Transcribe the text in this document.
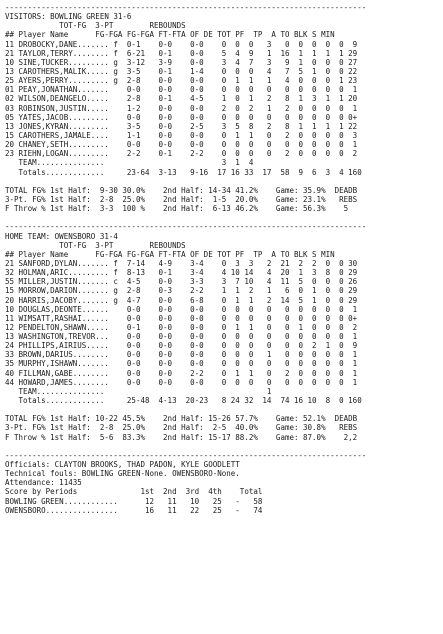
--------------------------------------------------------------------------------
VISITORS: BOWLING GREEN 31-6
TOT-FG  3-PT        REBOUNDS
## Player Name      FG-FGA FG-FGA FT-FTA OF DE TOT PF  TP  A TO BLK S MIN
11 DROBOCKY,DANE....... f  0-1    0-0    0-0    0  0  0   3   0  0  0  0  0  9
21 TAYLOR,TERRY........ f  6-21   0-1    0-0    5  4  9   1  16  1  1  1  1 29
10 SINE,TUCKER......... g  3-12   3-9    0-0    3  4  7   3   9  1  0  0  0 27
13 CAROTHERS,MALIK..... g  3-5    0-1    1-4    0  0  0   4   7  5  1  0  0 22
25 AYERS,PERRY......... g  2-8    0-0    0-0    0  1  1   1   4  0  0  0  1 23
01 PEAY,JONATHAN.......    0-0    0-0    0-0    0  0  0   0   0  0  0  0  0  1
02 WILSON,DEANGELO.....    2-8    0-1    4-5    1  0  1   2   8  1  3  1  1 20
03 ROBINSON,JUSTIN.....    1-2    0-0    0-0    2  0  2   1   2  0  0  0  0  1
05 YATES,JACOB.........    0-0    0-0    0-0    0  0  0   0   0  0  0  0  0 0+
13 JONES,KYRAN.........    3-5    0-0    2-5    3  5  8   2   8  1  1  1  1 22
15 CAROTHERS,JAMALE....    1-1    0-0    0-0    0  1  1   0   2  0  0  0  0  3
20 CHANEY,SETH.........    0-0    0-0    0-0    0  0  0   0   0  0  0  0  0  1
23 RIEHN,LOGAN.........    2-2    0-1    2-2    0  0  0   0   2  0  0  0  0  2
TEAM...............                          3  1  4
Totals.............     23-64  3-13   9-16  17 16 33  17  58  9  6  3  4 160
TOTAL FG% 1st Half:  9-30 30.0%    2nd Half: 14-34 41.2%    Game: 35.9%  DEADB
3-Pt. FG% 1st Half:  2-8  25.0%    2nd Half:  1-5  20.0%    Game: 23.1%   REBS
F Throw % 1st Half:  3-3  100 %    2nd Half:  6-13 46.2%    Game: 56.3%    5
--------------------------------------------------------------------------------
HOME TEAM: OWENSBORO 31-4
TOT-FG  3-PT        REBOUNDS
## Player Name      FG-FGA FG-FGA FT-FTA OF DE TOT PF  TP  A TO BLK S MIN
21 SANFORD,DYLAN....... f  7-14   4-9    3-4    0  3  3   2  21  2  2  0  0 30
32 HOLMAN,ARIC......... f  8-13   0-1    3-4    4 10 14   4  20  1  3  8  0 29
55 MILLER,JUSTIN....... c  4-5    0-0    3-3    3  7 10   4  11  5  0  0  0 26
15 MORROW,DARION....... g  2-8    0-3    2-2    1  1  2   1   6  0  1  0  0 29
20 HARRIS,JACOBY....... g  4-7    0-0    6-8    0  1  1   2  14  5  1  0  0 29
10 DOUGLAS,DEONTE......    0-0    0-0    0-0    0  0  0   0   0  0  0  0  0  1
11 WIMSATT,RASHAI......    0-0    0-0    0-0    0  0  0   0   0  0  0  0  0 0+
12 PENDELTON,SHAWN.....    0-1    0-0    0-0    0  1  1   0   0  1  0  0  0  2
13 WASHINGTON,TREVOR...    0-0    0-0    0-0    0  0  0   0   0  0  0  0  0  1
24 PHILLIPS,AIRIUS.....    0-0    0-0    0-0    0  0  0   0   0  0  2  1  0  9
33 BROWN,DARIUS........    0-0    0-0    0-0    0  0  0   1   0  0  0  0  0  1
35 MURPHY,ISHAWN.......    0-0    0-0    0-0    0  0  0   0   0  0  0  0  0  1
40 FILLMAN,GABE........    0-0    0-0    2-2    0  1  1   0   2  0  0  0  0  1
44 HOWARD,JAMES........    0-0    0-0    0-0    0  0  0   0   0  0  0  0  0  1
TEAM...............                                    1
Totals.............     25-48  4-13  20-23   8 24 32  14  74 16 10  8  0 160
TOTAL FG% 1st Half: 10-22 45.5%    2nd Half: 15-26 57.7%    Game: 52.1%  DEADB
3-Pt. FG% 1st Half:  2-8  25.0%    2nd Half:  2-5  40.0%    Game: 30.8%   REBS
F Throw % 1st Half:  5-6  83.3%    2nd Half: 15-17 88.2%    Game: 87.0%    2,2
--------------------------------------------------------------------------------
Officials: CLAYTON BROOKS, THAD PADON, KYLE GOODLETT
Technical fouls: BOWLING GREEN-None. OWENSBORO-None.
Attendance: 11435
Score by Periods              1st  2nd  3rd  4th    Total
BOWLING GREEN............      12   11   10   25   -   58
OWENSBORO................      16   11   22   25   -   74
